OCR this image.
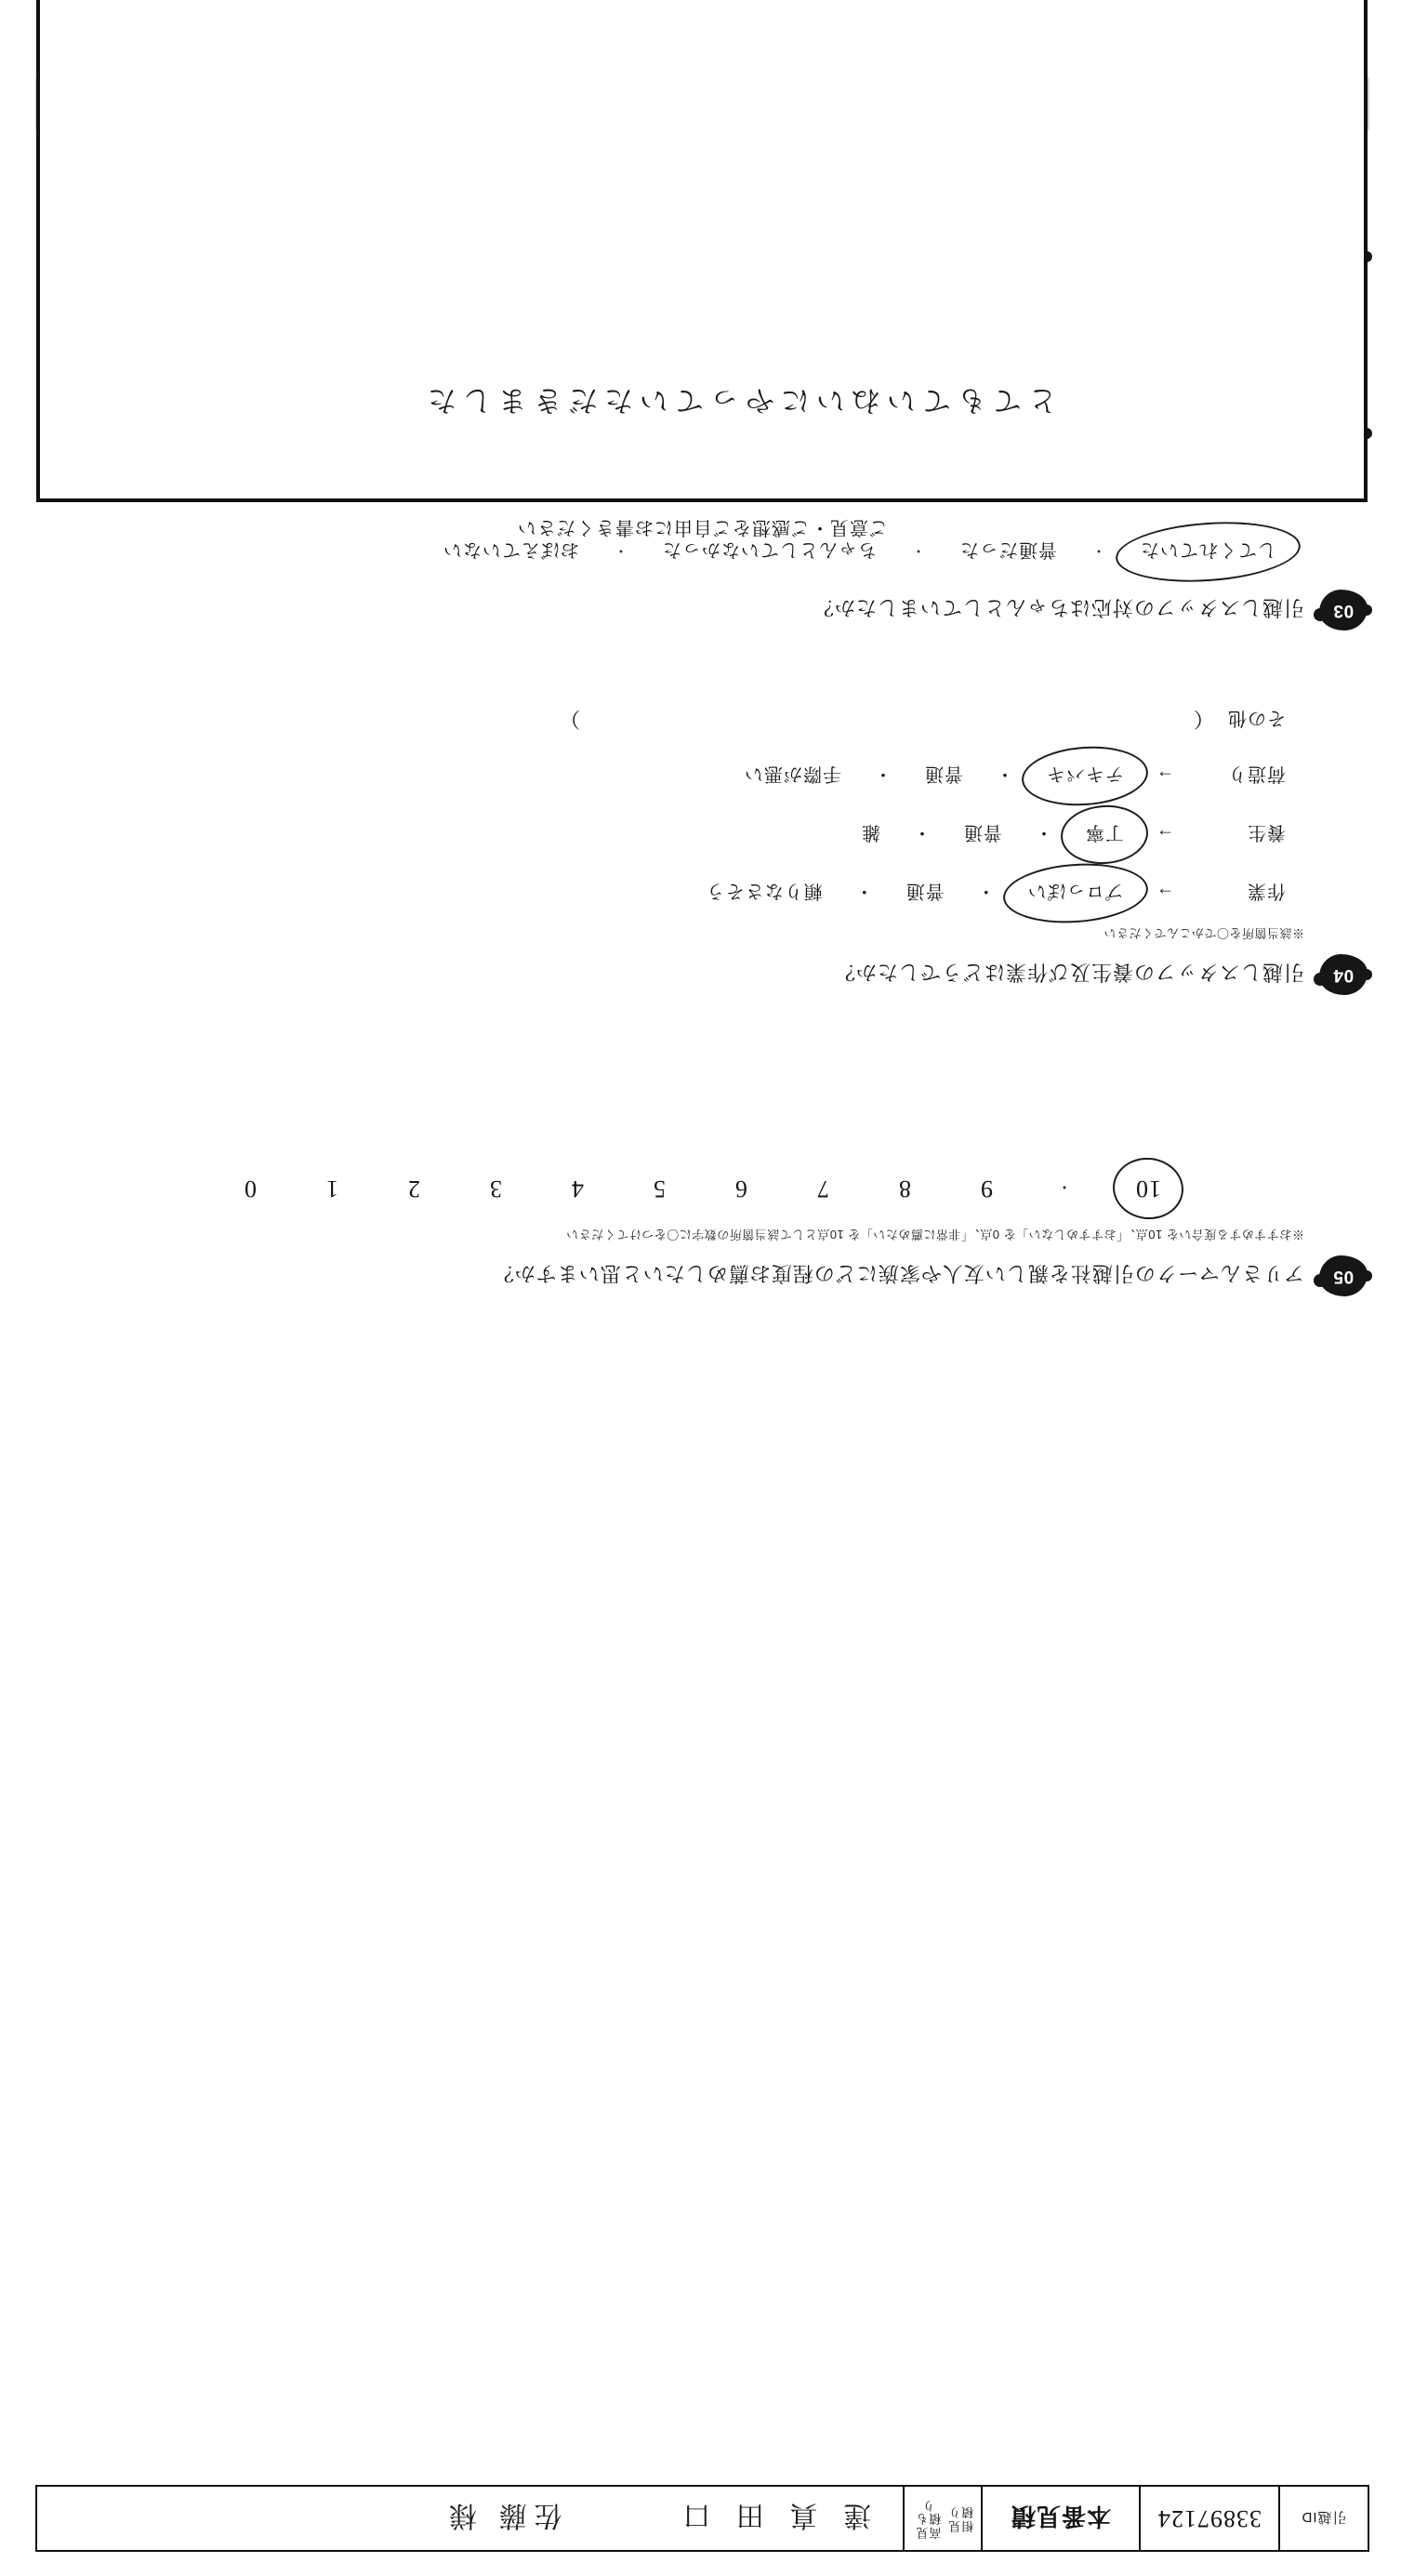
引越ID
33897124
本番見積
相見積り

高見積もり
達 真 田 口
佐藤 様
01
02
03
引越しスタッフの対応はちゃんとしていましたか？
してくれていた
・
普通だった
・
ちゃんとしていなかった
・
おぼえていない
04
引越しスタッフの養生及び作業はどうでしたか？
※該当箇所を〇でかこんでください
作業
→
プロっぽい
・
普通
・
頼りなさそう
養生
→
丁寧
・
普通
・
雑
荷造り
→
テキパキ
・
普通
・
手際が悪い
その他
（）
05
アリさんマークの引越社を親しい友人や家族にどの程度お薦めしたいと思いますか？
※おすすめする度合いを 10点、「おすすめしない」を 0点、「非常に薦めたい」を 10点として該当箇所の数字に〇をつけてください
10
・
9
8
7
6
5
4
3
2
1
0
ご意見・ご感想をご自由にお書きください
とてもていねいにやっていただきました
